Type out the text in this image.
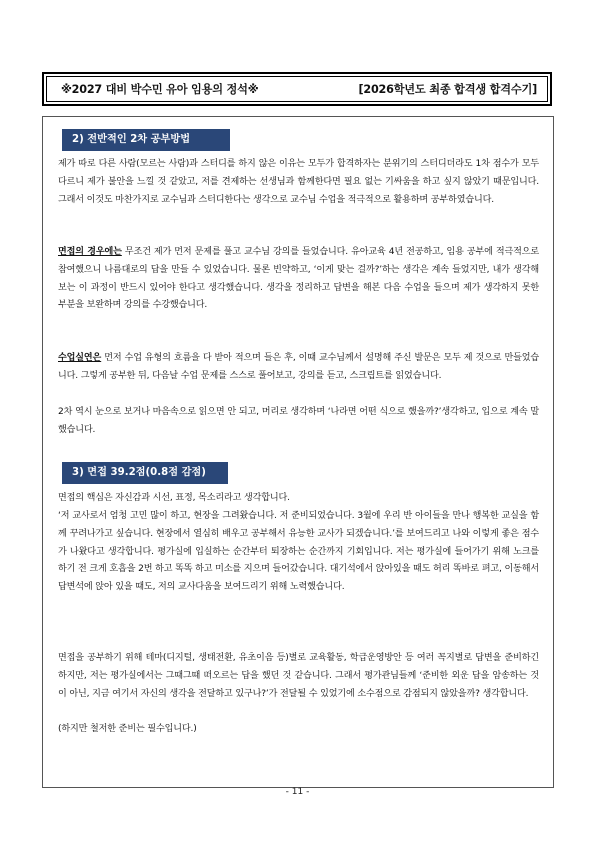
※2027 대비 박수민 유아 임용의 정석※	[2026학년도 최종 합격생 합격수기]
2) 전반적인 2차 공부방법

제가 따로 다른 사람(모르는 사람)과 스터디를 하지 않은 이유는 모두가 합격하자는 분위기의 스터디더라도 1차 점수가 모두 다르니 제가 불안을 느낄 것 같았고, 저를 견제하는 선생님과 함께한다면 필요 없는 기싸움을 하고 싶지 않았기 때문입니다. 그래서 이것도 마찬가지로 교수님과 스터디한다는 생각으로 교수님 수업을 적극적으로 활용하며 공부하였습니다.

면접의 경우에는 무조건 제가 먼저 문제를 풀고 교수님 강의를 들었습니다. 유아교육 4년 전공하고, 임용 공부에 적극적으로 참여했으니 나름대로의 답을 만들 수 있었습니다. 물론 빈약하고, ‘이게 맞는 걸까?’하는 생각은 계속 들었지만, 내가 생각해 보는 이 과정이 반드시 있어야 한다고 생각했습니다. 생각을 정리하고 답변을 해본 다음 수업을 들으며 제가 생각하지 못한 부분을 보완하며 강의를 수강했습니다.

수업실연은 먼저 수업 유형의 흐름을 다 받아 적으며 들은 후, 이때 교수님께서 설명해 주신 발문은 모두 제 것으로 만들었습니다. 그렇게 공부한 뒤, 다음날 수업 문제를 스스로 풀어보고, 강의를 듣고, 스크립트를 읽었습니다.

2차 역시 눈으로 보거나 마음속으로 읽으면 안 되고, 머리로 생각하며 ‘나라면 어떤 식으로 했을까?’생각하고, 입으로 계속 말했습니다.

3) 면접 39.2점(0.8점 감점)

면접의 핵심은 자신감과 시선, 표정, 목소리라고 생각합니다.

‘저 교사로서 엄청 고민 많이 하고, 현장을 그려왔습니다. 저 준비되었습니다. 3월에 우리 반 아이들을 만나 행복한 교실을 함께 꾸려나가고 싶습니다. 현장에서 열심히 배우고 공부해서 유능한 교사가 되겠습니다.’를 보여드리고 나와 이렇게 좋은 점수가 나왔다고 생각합니다. 평가실에 입실하는 순간부터 퇴장하는 순간까지 기회입니다. 저는 평가실에 들어가기 위해 노크를 하기 전 크게 호흡을 2번 하고 똑똑 하고 미소를 지으며 들어갔습니다. 대기석에서 앉아있을 때도 허리 똑바로 펴고, 이동해서 답변석에 앉아 있을 때도, 저의 교사다움을 보여드리기 위해 노력했습니다.

면접을 공부하기 위해 테마(디지털, 생태전환, 유초이음 등)별로 교육활동, 학급운영방안 등 여러 꼭지별로 답변을 준비하긴 하지만, 저는 평가실에서는 그때그때 떠오르는 답을 했던 것 같습니다. 그래서 평가관님들께 ‘준비한 외운 답을 암송하는 것이 아닌, 지금 여기서 자신의 생각을 전달하고 있구나?’가 전달될 수 있었기에 소수점으로 감점되지 않았을까? 생각합니다.

(하지만 철저한 준비는 필수입니다.)

- 11 -
